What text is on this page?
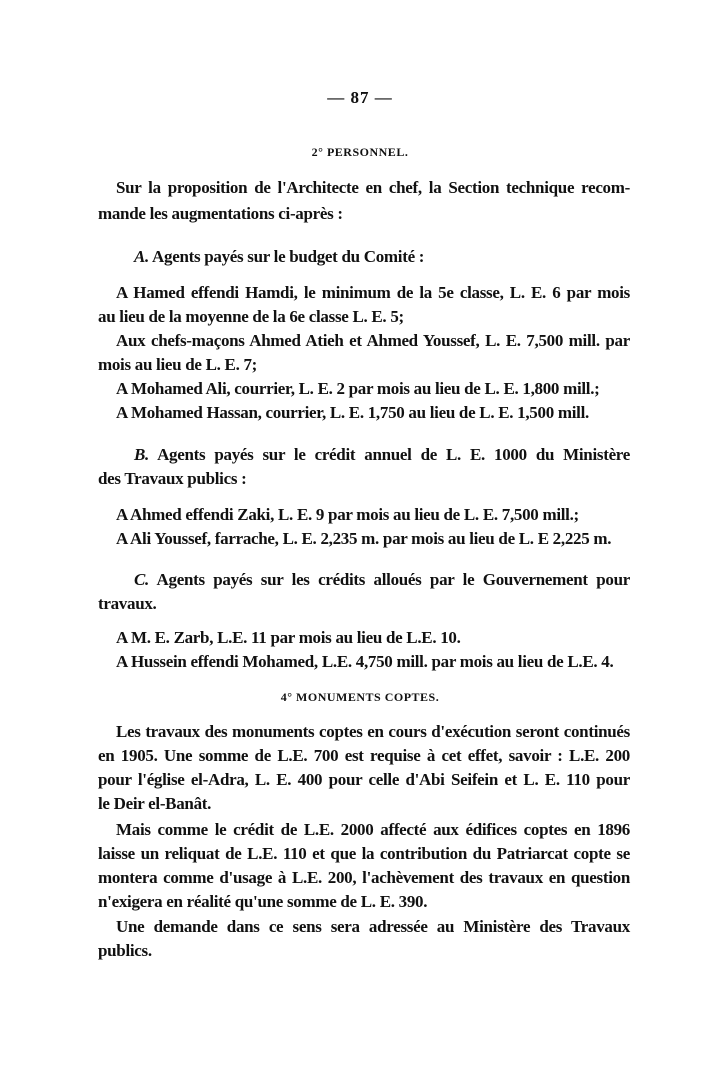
— 87 —
2° PERSONNEL.
Sur la proposition de l'Architecte en chef, la Section technique recom-
mande les augmentations ci-après :
A. Agents payés sur le budget du Comité :
A Hamed effendi Hamdi, le minimum de la 5e classe, L. E. 6 par mois
au lieu de la moyenne de la 6e classe L. E. 5;
Aux chefs-maçons Ahmed Atieh et Ahmed Youssef, L. E. 7,500 mill. par
mois au lieu de L. E. 7;
A Mohamed Ali, courrier, L. E. 2 par mois au lieu de L. E. 1,800 mill.;
A Mohamed Hassan, courrier, L. E. 1,750 au lieu de L. E. 1,500 mill.
B. Agents payés sur le crédit annuel de L. E. 1000 du Ministère
des Travaux publics :
A Ahmed effendi Zaki, L. E. 9 par mois au lieu de L. E. 7,500 mill.;
A Ali Youssef, farrache, L. E. 2,235 m. par mois au lieu de L. E 2,225 m.
C. Agents payés sur les crédits alloués par le Gouvernement pour
travaux.
A M. E. Zarb, L.E. 11 par mois au lieu de L.E. 10.
A Hussein effendi Mohamed, L.E. 4,750 mill. par mois au lieu de L.E. 4.
4° MONUMENTS COPTES.
Les travaux des monuments coptes en cours d'exécution seront continués
en 1905. Une somme de L.E. 700 est requise à cet effet, savoir : L.E. 200
pour l'église el-Adra, L. E. 400 pour celle d'Abi Seifein et L. E. 110 pour
le Deir el-Banât.
Mais comme le crédit de L.E. 2000 affecté aux édifices coptes en 1896
laisse un reliquat de L.E. 110 et que la contribution du Patriarcat copte se
montera comme d'usage à L.E. 200, l'achèvement des travaux en question
n'exigera en réalité qu'une somme de L. E. 390.
Une demande dans ce sens sera adressée au Ministère des Travaux
publics.
